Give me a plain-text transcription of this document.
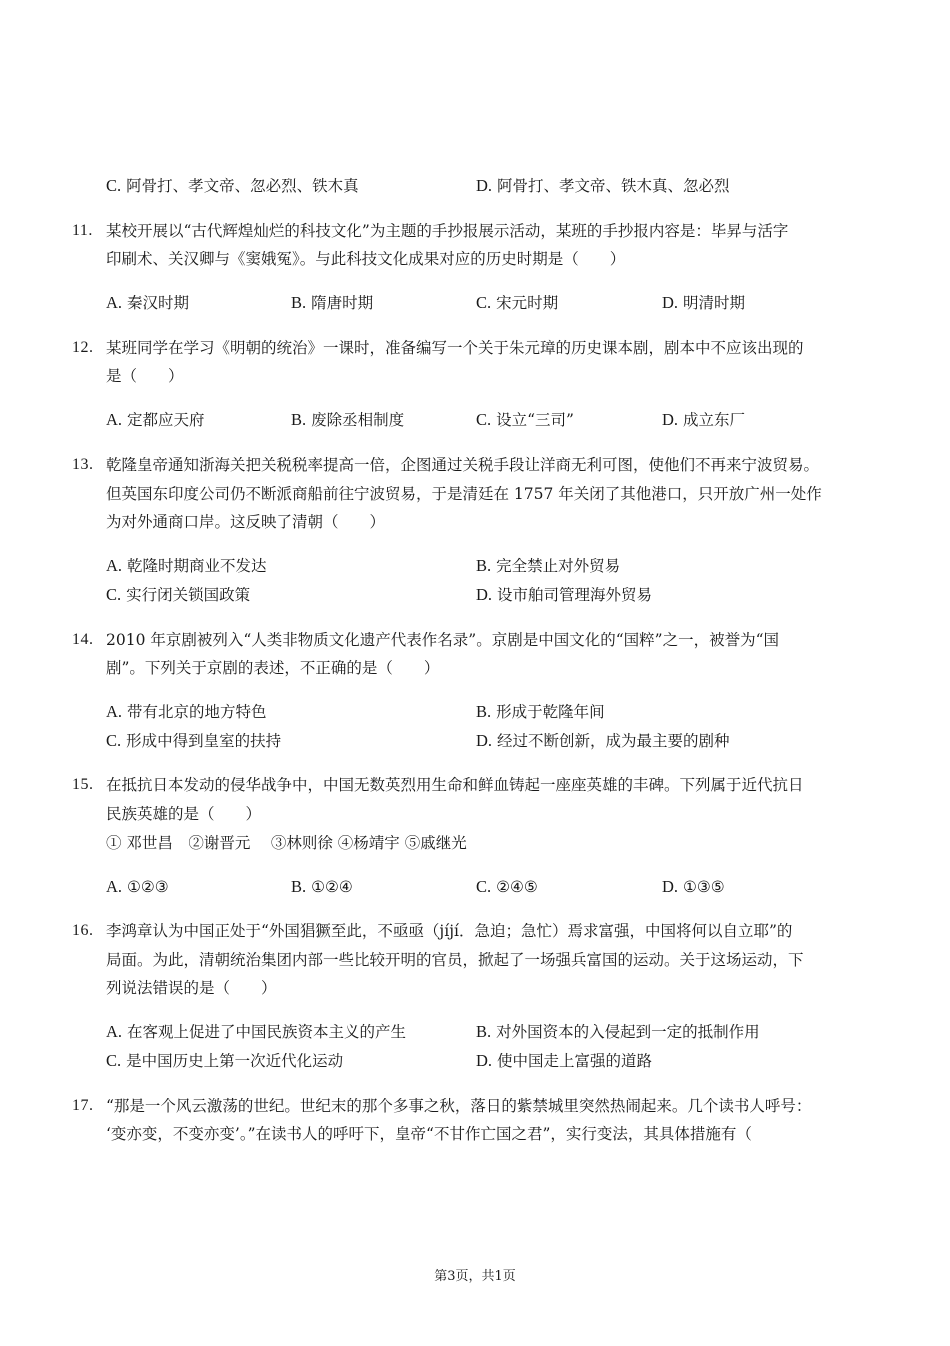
C. 阿骨打、孝文帝、忽必烈、铁木真	D. 阿骨打、孝文帝、铁木真、忽必烈
11. 某校开展以“古代辉煌灿烂的科技文化”为主题的手抄报展示活动，某班的手抄报内容是：毕昇与活字
印刷术、关汉卿与《窦娥冤》。与此科技文化成果对应的历史时期是（　　）
A. 秦汉时期	B. 隋唐时期	C. 宋元时期	D. 明清时期
12. 某班同学在学习《明朝的统治》一课时，准备编写一个关于朱元璋的历史课本剧，剧本中不应该出现的
是（　　）
A. 定都应天府	B. 废除丞相制度	C. 设立“三司”	D. 成立东厂
13. 乾隆皇帝通知浙海关把关税税率提高一倍，企图通过关税手段让洋商无利可图，使他们不再来宁波贸易。
但英国东印度公司仍不断派商船前往宁波贸易，于是清廷在 1757 年关闭了其他港口，只开放广州一处作
为对外通商口岸。这反映了清朝（　　）
A. 乾隆时期商业不发达	B. 完全禁止对外贸易
C. 实行闭关锁国政策	D. 设市舶司管理海外贸易
14. 2010 年京剧被列入“人类非物质文化遗产代表作名录”。京剧是中国文化的“国粹”之一，被誉为“国
剧”。下列关于京剧的表述，不正确的是（　　）
A. 带有北京的地方特色	B. 形成于乾隆年间
C. 形成中得到皇室的扶持	D. 经过不断创新，成为最主要的剧种
15. 在抵抗日本发动的侵华战争中，中国无数英烈用生命和鲜血铸起一座座英雄的丰碑。下列属于近代抗日
民族英雄的是（　　）
① 邓世昌　②谢晋元　 ③林则徐 ④杨靖宇 ⑤戚继光
A. ①②③	B. ①②④	C. ②④⑤	D. ①③⑤
16. 李鸿章认为中国正处于“外国猖獗至此，不亟亟（jíjí．急迫；急忙）焉求富强，中国将何以自立耶”的
局面。为此，清朝统治集团内部一些比较开明的官员，掀起了一场强兵富国的运动。关于这场运动，下
列说法错误的是（　　）
A. 在客观上促进了中国民族资本主义的产生	B. 对外国资本的入侵起到一定的抵制作用
C. 是中国历史上第一次近代化运动	D. 使中国走上富强的道路
17. “那是一个风云激荡的世纪。世纪末的那个多事之秋，落日的紫禁城里突然热闹起来。几个读书人呼号：
‘变亦变，不变亦变’。”在读书人的呼吁下，皇帝“不甘作亡国之君”，实行变法，其具体措施有（
第3页，共1页
